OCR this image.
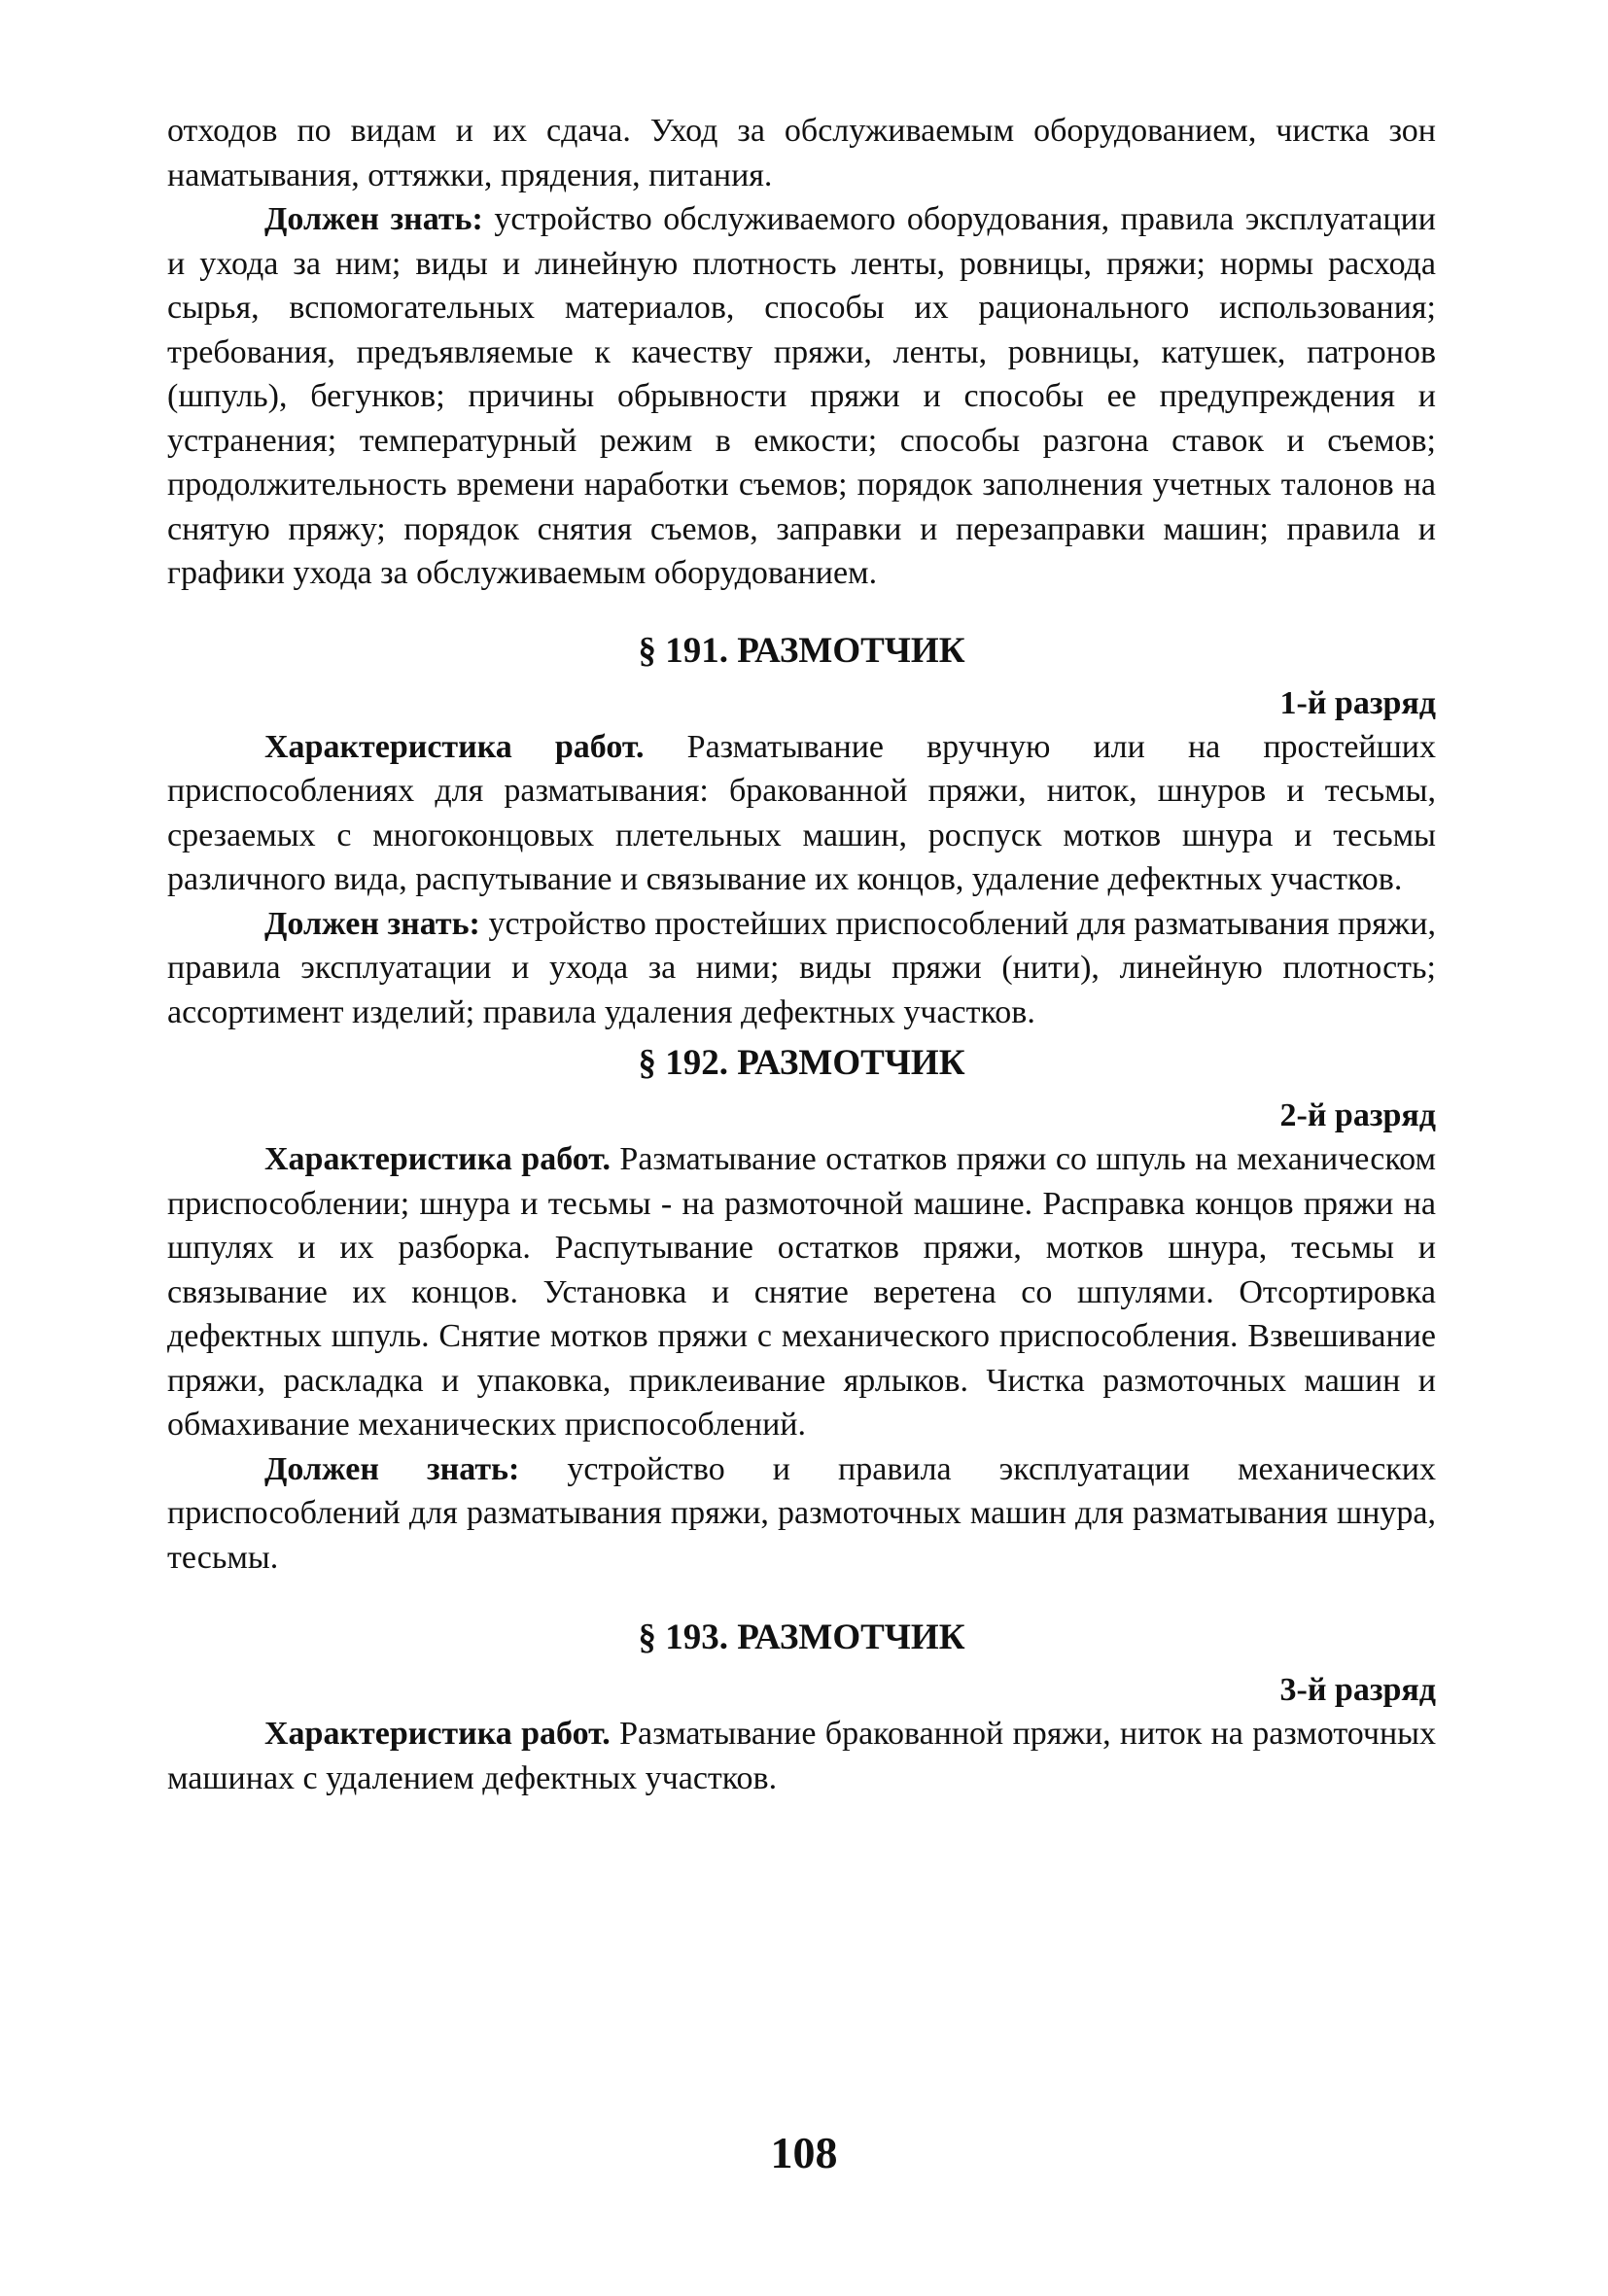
отходов по видам и их сдача. Уход за обслуживаемым оборудованием, чистка зон наматывания, оттяжки, прядения, питания.

Должен знать: устройство обслуживаемого оборудования, правила эксплуатации и ухода за ним; виды и линейную плотность ленты, ровницы, пряжи; нормы расхода сырья, вспомогательных материалов, способы их рационального использования; требования, предъявляемые к качеству пряжи, ленты, ровницы, катушек, патронов (шпуль), бегунков; причины обрывности пряжи и способы ее предупреждения и устранения; температурный режим в емкости; способы разгона ставок и съемов; продолжительность времени наработки съемов; порядок заполнения учетных талонов на снятую пряжу; порядок снятия съемов, заправки и перезаправки машин; правила и графики ухода за обслуживаемым оборудованием.

§ 191. РАЗМОТЧИК

1-й разряд

Характеристика работ. Разматывание вручную или на простейших приспособлениях для разматывания: бракованной пряжи, ниток, шнуров и тесьмы, срезаемых с многоконцовых плетельных машин, роспуск мотков шнура и тесьмы различного вида, распутывание и связывание их концов, удаление дефектных участков.

Должен знать: устройство простейших приспособлений для разматывания пряжи, правила эксплуатации и ухода за ними; виды пряжи (нити), линейную плотность; ассортимент изделий; правила удаления дефектных участков.

§ 192. РАЗМОТЧИК

2-й разряд

Характеристика работ. Разматывание остатков пряжи со шпуль на механическом приспособлении; шнура и тесьмы - на размоточной машине. Расправка концов пряжи на шпулях и их разборка. Распутывание остатков пряжи, мотков шнура, тесьмы и связывание их концов. Установка и снятие веретена со шпулями. Отсортировка дефектных шпуль. Снятие мотков пряжи с механического приспособления. Взвешивание пряжи, раскладка и упаковка, приклеивание ярлыков. Чистка размоточных машин и обмахивание механических приспособлений.

Должен знать: устройство и правила эксплуатации механических приспособлений для разматывания пряжи, размоточных машин для разматывания шнура, тесьмы.

§ 193. РАЗМОТЧИК

3-й разряд

Характеристика работ. Разматывание бракованной пряжи, ниток на размоточных машинах с удалением дефектных участков.

108
